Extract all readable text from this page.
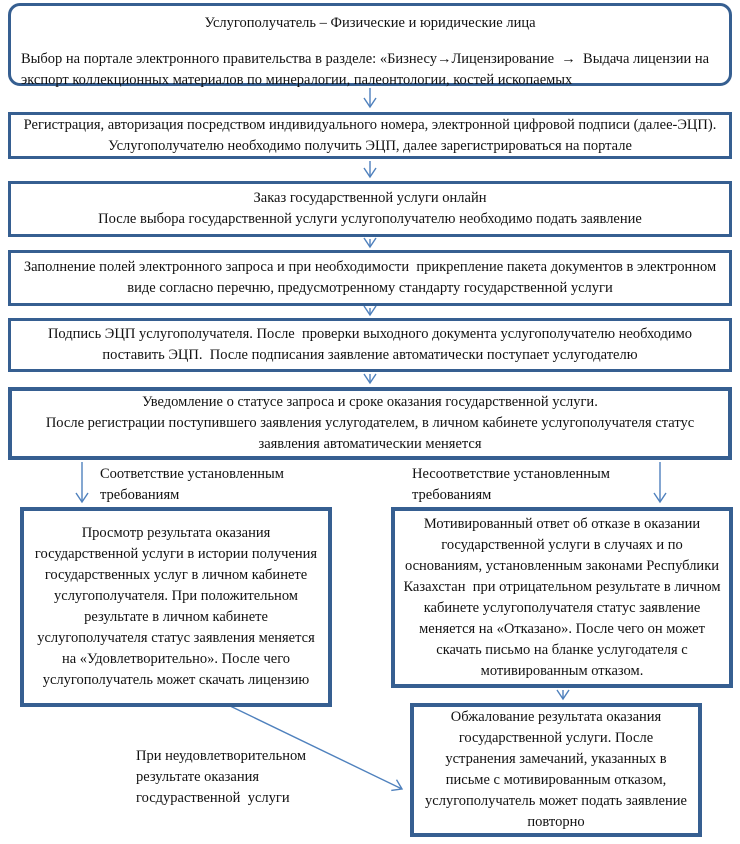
Услугополучатель – Физические и юридические лица
Выбор на портале электронного правительства в разделе: «Бизнесу→Лицензирование  →  Выдача лицензии на экспорт коллекционных материалов по минералогии, палеонтологии, костей ископаемых
Регистрация, авторизация посредством индивидуального номера, электронной цифровой подписи (далее-ЭЦП). Услугополучателю необходимо получить ЭЦП, далее зарегистрироваться на портале
Заказ государственной услуги онлайн
После выбора государственной услуги услугополучателю необходимо подать заявление
Заполнение полей электронного запроса и при необходимости  прикрепление пакета документов в электронном виде согласно перечню, предусмотренному стандарту государственной услуги
Подпись ЭЦП услугополучателя. После  проверки выходного документа услугополучателю необходимо поставить ЭЦП.  После подписания заявление автоматически поступает услугодателю
Уведомление о статусе запроса и сроке оказания государственной услуги.
После регистрации поступившего заявления услугодателем, в личном кабинете услугополучателя статус заявления автоматическии меняется
Соответствие установленным требованиям
Несоответствие установленным требованиям
Просмотр результата оказания государственной услуги в истории получения государственных услуг в личном кабинете услугополучателя. При положительном результате в личном кабинете услугополучателя статус заявления меняется на «Удовлетворительно». После чего услугополучатель может скачать лицензию
Мотивированный ответ об отказе в оказании государственной услуги в случаях и по основаниям, установленным законами Республики Казахстан  при отрицательном результате в личном кабинете услугополучателя статус заявление меняется на «Отказано». После чего он может скачать письмо на бланке услугодателя с мотивированным отказом.
Обжалование результата оказания государственной услуги. После устранения замечаний, указанных в письме с мотивированным отказом, услугополучатель может подать заявление повторно
При неудовлетворительном результате оказания госдураственной  услуги
